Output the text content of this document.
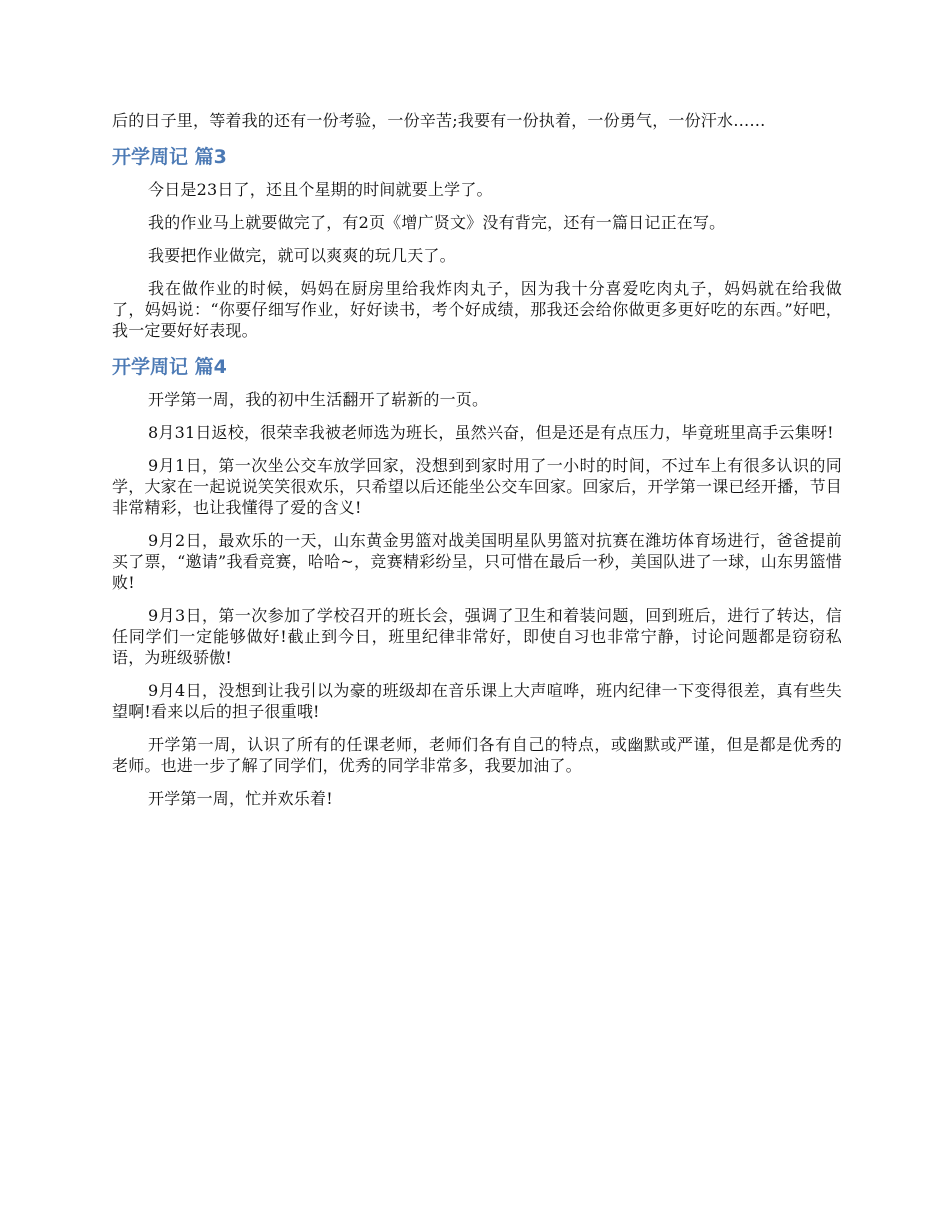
后的日子里，等着我的还有一份考验，一份辛苦;我要有一份执着，一份勇气，一份汗水……

开学周记 篇3

今日是23日了，还且个星期的时间就要上学了。

我的作业马上就要做完了，有2页《增广贤文》没有背完，还有一篇日记正在写。

我要把作业做完，就可以爽爽的玩几天了。

我在做作业的时候，妈妈在厨房里给我炸肉丸子，因为我十分喜爱吃肉丸子，妈妈就在给我做了，妈妈说：“你要仔细写作业，好好读书，考个好成绩，那我还会给你做更多更好吃的东西。”好吧，我一定要好好表现。

开学周记 篇4

开学第一周，我的初中生活翻开了崭新的一页。

8月31日返校，很荣幸我被老师选为班长，虽然兴奋，但是还是有点压力，毕竟班里高手云集呀!

9月1日，第一次坐公交车放学回家，没想到到家时用了一小时的时间，不过车上有很多认识的同学，大家在一起说说笑笑很欢乐，只希望以后还能坐公交车回家。回家后，开学第一课已经开播，节目非常精彩，也让我懂得了爱的含义!

9月2日，最欢乐的一天，山东黄金男篮对战美国明星队男篮对抗赛在潍坊体育场进行，爸爸提前买了票，“邀请”我看竞赛，哈哈~，竞赛精彩纷呈，只可惜在最后一秒，美国队进了一球，山东男篮惜败!

9月3日，第一次参加了学校召开的班长会，强调了卫生和着装问题，回到班后，进行了转达，信任同学们一定能够做好!截止到今日，班里纪律非常好，即使自习也非常宁静，讨论问题都是窃窃私语，为班级骄傲!

9月4日，没想到让我引以为豪的班级却在音乐课上大声喧哗，班内纪律一下变得很差，真有些失望啊!看来以后的担子很重哦!

开学第一周，认识了所有的任课老师，老师们各有自己的特点，或幽默或严谨，但是都是优秀的老师。也进一步了解了同学们，优秀的同学非常多，我要加油了。

开学第一周，忙并欢乐着!
